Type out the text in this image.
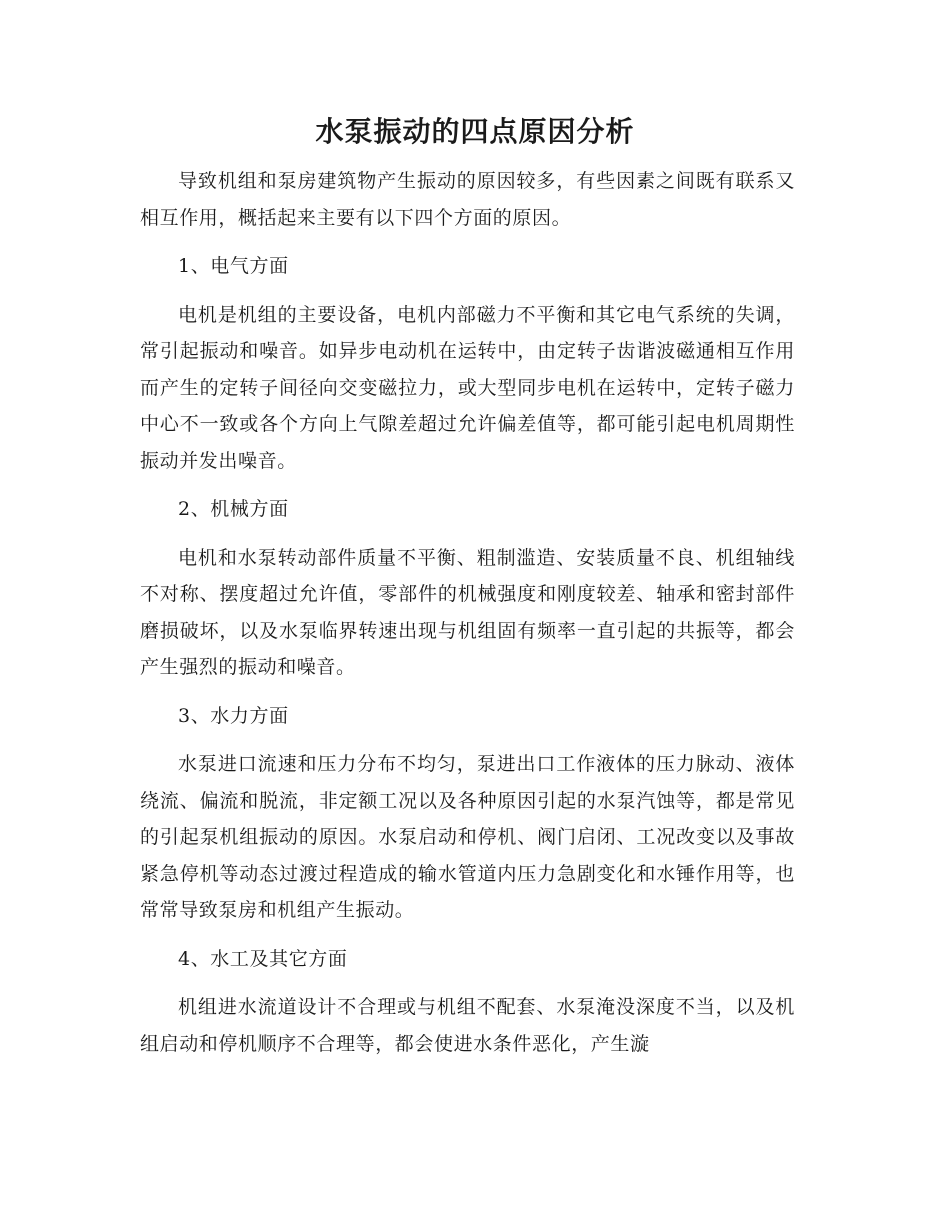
水泵振动的四点原因分析

导致机组和泵房建筑物产生振动的原因较多，有些因素之间既有联系又相互作用，概括起来主要有以下四个方面的原因。

1、电气方面

电机是机组的主要设备，电机内部磁力不平衡和其它电气系统的失调，常引起振动和噪音。如异步电动机在运转中，由定转子齿谐波磁通相互作用而产生的定转子间径向交变磁拉力，或大型同步电机在运转中，定转子磁力中心不一致或各个方向上气隙差超过允许偏差值等，都可能引起电机周期性振动并发出噪音。

2、机械方面

电机和水泵转动部件质量不平衡、粗制滥造、安装质量不良、机组轴线不对称、摆度超过允许值，零部件的机械强度和刚度较差、轴承和密封部件磨损破坏，以及水泵临界转速出现与机组固有频率一直引起的共振等，都会产生强烈的振动和噪音。

3、水力方面

水泵进口流速和压力分布不均匀，泵进出口工作液体的压力脉动、液体绕流、偏流和脱流，非定额工况以及各种原因引起的水泵汽蚀等，都是常见的引起泵机组振动的原因。水泵启动和停机、阀门启闭、工况改变以及事故紧急停机等动态过渡过程造成的输水管道内压力急剧变化和水锤作用等，也常常导致泵房和机组产生振动。

4、水工及其它方面

机组进水流道设计不合理或与机组不配套、水泵淹没深度不当，以及机组启动和停机顺序不合理等，都会使进水条件恶化，产生漩
